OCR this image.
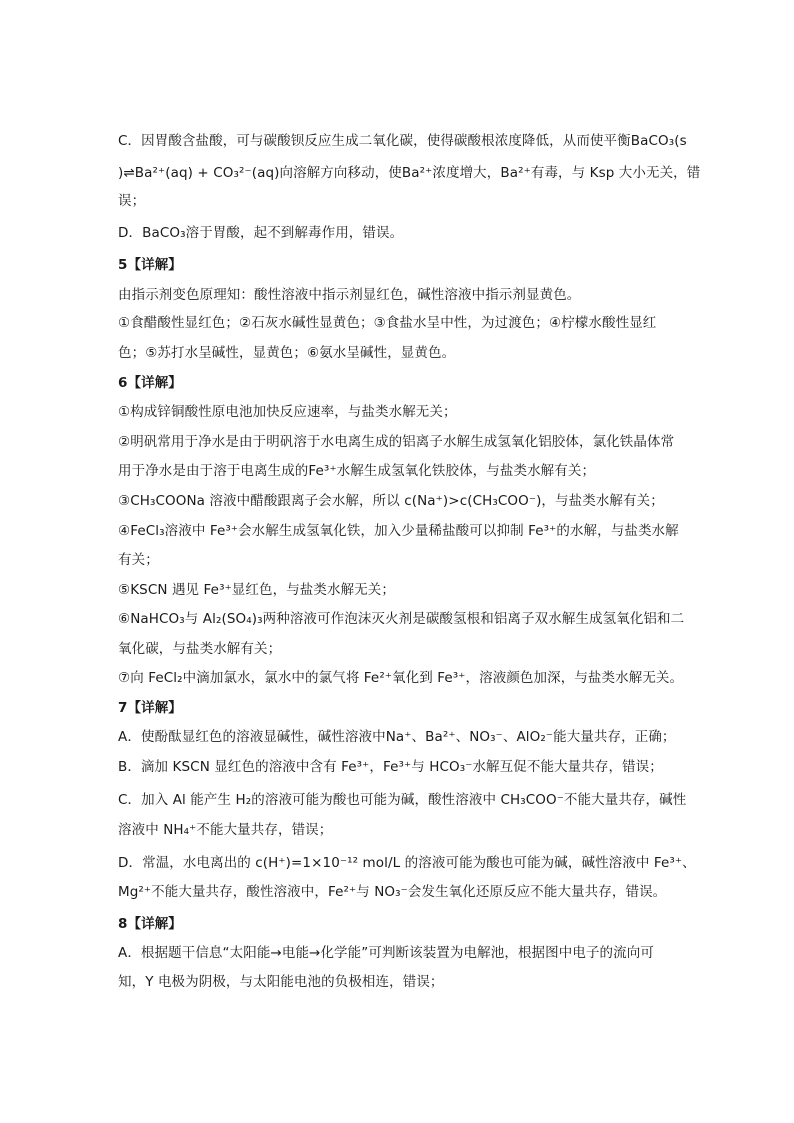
C．因胃酸含盐酸，可与碳酸钡反应生成二氧化碳，使得碳酸根浓度降低，从而使平衡BaCO₃(s
)⇌Ba²⁺(aq) + CO₃²⁻(aq)向溶解方向移动，使Ba²⁺浓度增大，Ba²⁺有毒，与 Ksp 大小无关，错
误；
D．BaCO₃溶于胃酸，起不到解毒作用，错误。
5【详解】
由指示剂变色原理知：酸性溶液中指示剂显红色，碱性溶液中指示剂显黄色。
①食醋酸性显红色；②石灰水碱性显黄色；③食盐水呈中性，为过渡色；④柠檬水酸性显红
色；⑤苏打水呈碱性，显黄色；⑥氨水呈碱性，显黄色。
6【详解】
①构成锌铜酸性原电池加快反应速率，与盐类水解无关；
②明矾常用于净水是由于明矾溶于水电离生成的铝离子水解生成氢氧化铝胶体，氯化铁晶体常
用于净水是由于溶于电离生成的Fe³⁺水解生成氢氧化铁胶体，与盐类水解有关；
③CH₃COONa 溶液中醋酸跟离子会水解，所以 c(Na⁺)>c(CH₃COO⁻)，与盐类水解有关；
④FeCl₃溶液中 Fe³⁺会水解生成氢氧化铁，加入少量稀盐酸可以抑制 Fe³⁺的水解，与盐类水解
有关；
⑤KSCN 遇见 Fe³⁺显红色，与盐类水解无关；
⑥NaHCO₃与 Al₂(SO₄)₃两种溶液可作泡沫灭火剂是碳酸氢根和铝离子双水解生成氢氧化铝和二
氧化碳，与盐类水解有关；
⑦向 FeCl₂中滴加氯水，氯水中的氯气将 Fe²⁺氧化到 Fe³⁺，溶液颜色加深，与盐类水解无关。
7【详解】
A．使酚酞显红色的溶液显碱性，碱性溶液中Na⁺、Ba²⁺、NO₃⁻、AlO₂⁻能大量共存，正确；
B．滴加 KSCN 显红色的溶液中含有 Fe³⁺，Fe³⁺与 HCO₃⁻水解互促不能大量共存，错误；
C．加入 Al 能产生 H₂的溶液可能为酸也可能为碱，酸性溶液中 CH₃COO⁻不能大量共存，碱性
溶液中 NH₄⁺不能大量共存，错误；
D．常温，水电离出的 c(H⁺)=1×10⁻¹² mol/L 的溶液可能为酸也可能为碱，碱性溶液中 Fe³⁺、
Mg²⁺不能大量共存，酸性溶液中，Fe²⁺与 NO₃⁻会发生氧化还原反应不能大量共存，错误。
8【详解】
A．根据题干信息“太阳能→电能→化学能”可判断该装置为电解池，根据图中电子的流向可
知，Y 电极为阴极，与太阳能电池的负极相连，错误；
